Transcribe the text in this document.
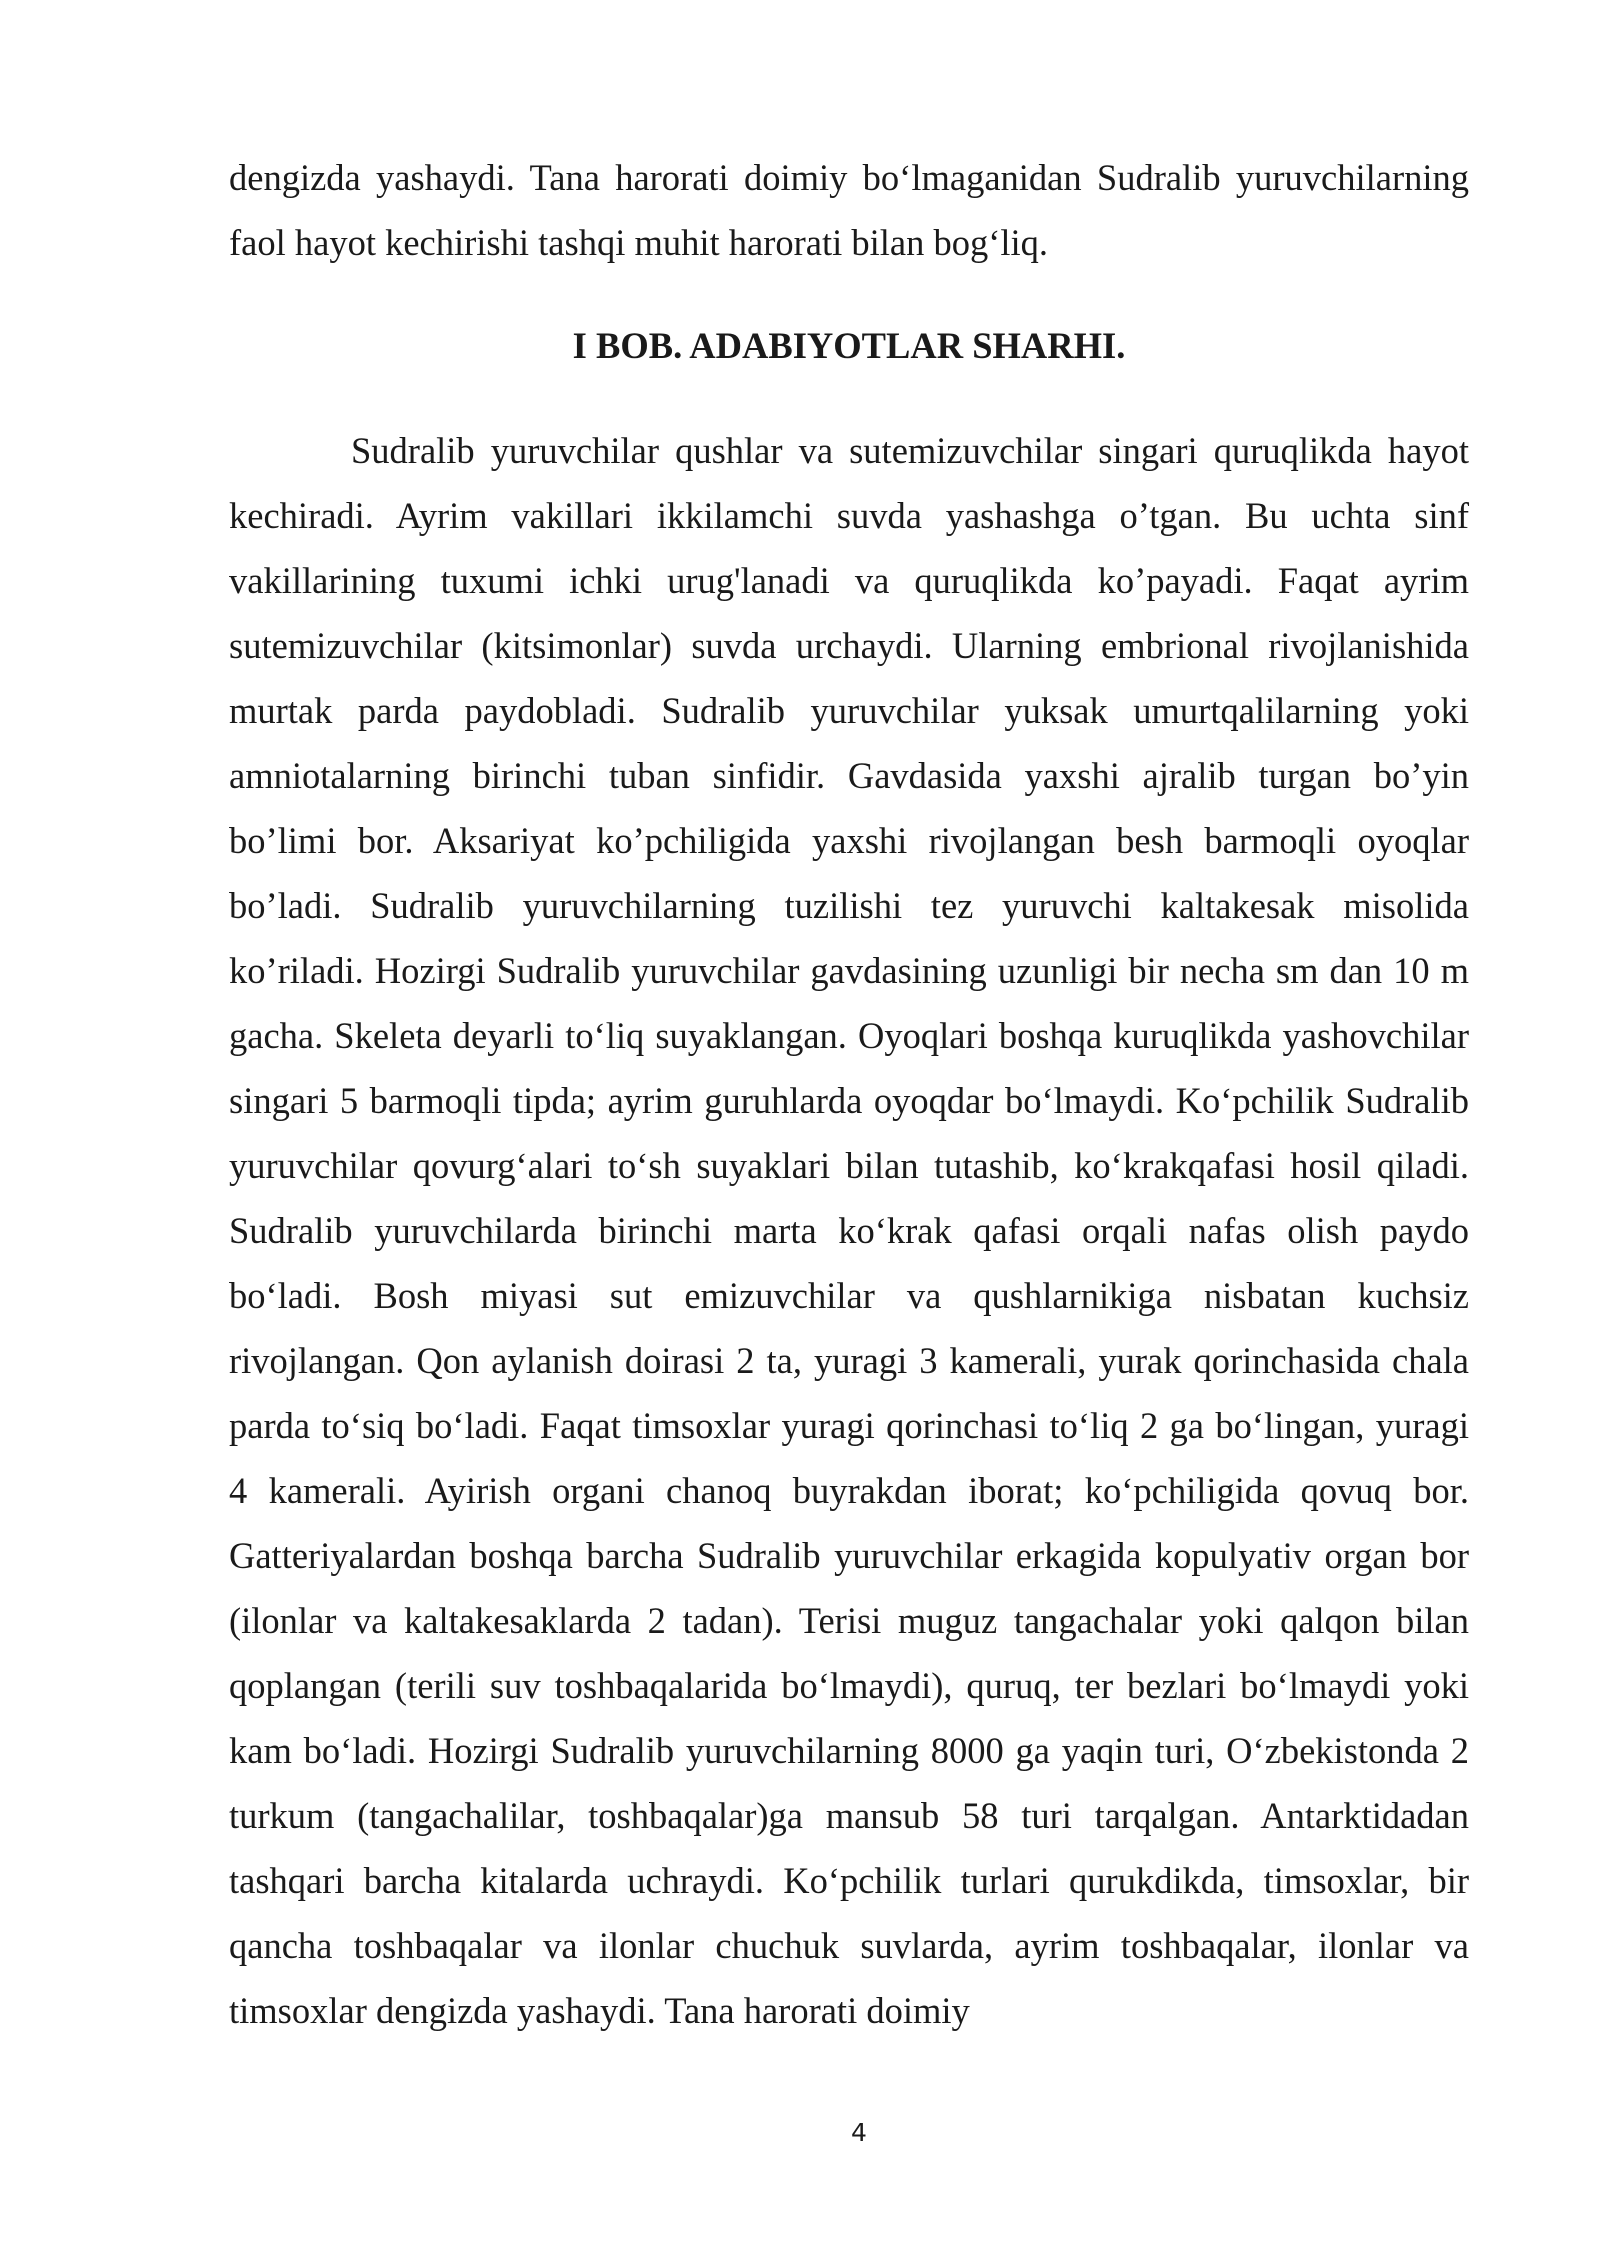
dengizda yashaydi. Tana harorati doimiy bo‘lmaganidan Sudralib yuruvchilarning faol hayot kechirishi tashqi muhit harorati bilan bog‘liq.

I BOB. ADABIYOTLAR SHARHI.

Sudralib yuruvchilar qushlar va sutemizuvchilar singari quruqlikda hayot kechiradi. Ayrim vakillari ikkilamchi suvda yashashga o’tgan. Bu uchta sinf vakillarining tuxumi ichki urug'lanadi va quruqlikda ko’payadi. Faqat ayrim sutemizuvchilar (kitsimonlar) suvda urchaydi. Ularning embrional rivojlanishida murtak parda paydobladi. Sudralib yuruvchilar yuksak umurtqalilarning yoki amniotalarning birinchi tuban sinfidir. Gavdasida yaxshi ajralib turgan bo’yin bo’limi bor. Aksariyat ko’pchiligida yaxshi rivojlangan besh barmoqli oyoqlar bo’ladi. Sudralib yuruvchilarning tuzilishi tez yuruvchi kaltakesak misolida ko’riladi. Hozirgi Sudralib yuruvchilar gavdasining uzunligi bir necha sm dan 10 m gacha. Skeleta deyarli to‘liq suyaklangan. Oyoqlari boshqa kuruqlikda yashovchilar singari 5 barmoqli tipda; ayrim guruhlarda oyoqdar bo‘lmaydi. Ko‘pchilik Sudralib yuruvchilar qovurg‘alari to‘sh suyaklari bilan tutashib, ko‘krakqafasi hosil qiladi. Sudralib yuruvchilarda birinchi marta ko‘krak qafasi orqali nafas olish paydo bo‘ladi. Bosh miyasi sut emizuvchilar va qushlarnikiga nisbatan kuchsiz rivojlangan. Qon aylanish doirasi 2 ta, yuragi 3 kamerali, yurak qorinchasida chala parda to‘siq bo‘ladi. Faqat timsoxlar yuragi qorinchasi to‘liq 2 ga bo‘lingan, yuragi 4 kamerali. Ayirish organi chanoq buyrakdan iborat; ko‘pchiligida qovuq bor. Gatteriyalardan boshqa barcha Sudralib yuruvchilar erkagida kopulyativ organ bor (ilonlar va kaltakesaklarda 2 tadan). Terisi muguz tangachalar yoki qalqon bilan qoplangan (terili suv toshbaqalarida bo‘lmaydi), quruq, ter bezlari bo‘lmaydi yoki kam bo‘ladi. Hozirgi Sudralib yuruvchilarning 8000 ga yaqin turi, O‘zbekistonda 2 turkum (tangachalilar, toshbaqalar)ga mansub 58 turi tarqalgan. Antarktidadan tashqari barcha kitalarda uchraydi. Ko‘pchilik turlari qurukdikda, timsoxlar, bir qancha toshbaqalar va ilonlar chuchuk suvlarda, ayrim toshbaqalar, ilonlar va timsoxlar dengizda yashaydi. Tana harorati doimiy

4
